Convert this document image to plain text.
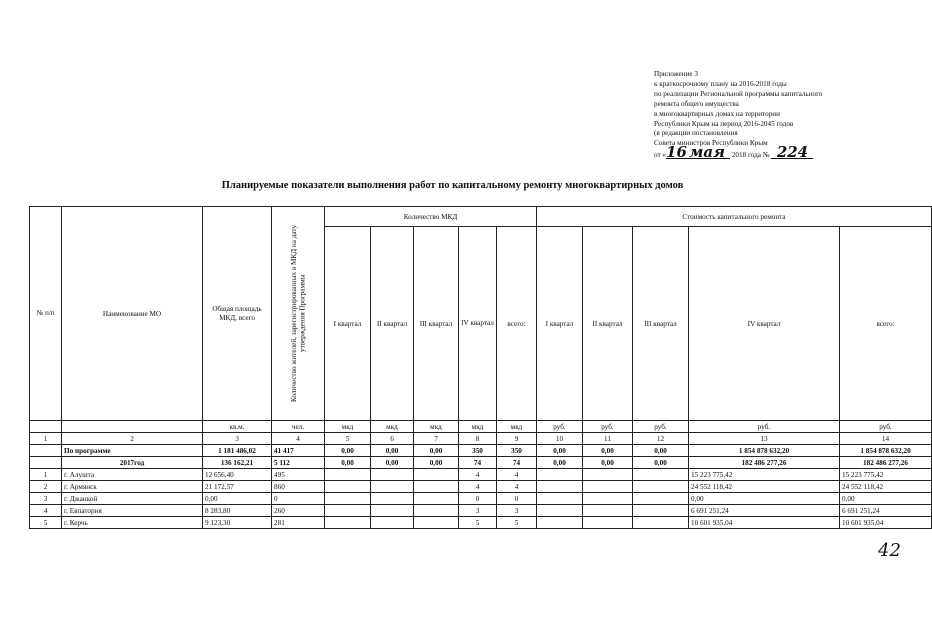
Приложение 3
к краткосрочному плану на 2016-2018 годы
по реализации Региональной программы капитального
ремонта общего имущества
в многоквартирных домах на территории
Республики Крым на период 2016-2045 годов
(в редакции постановления
Совета министров Республики Крым
от «16 мая 2018 года № 224
Планируемые показатели выполнения работ по капитальному ремонту многоквартирных домов
№ п/п	Наименование МО	Общая площадь МКД, всего	Количество жителей, зарегистрированных в МКД на дату утверждения Программы	Количество МКД					Стоимость капитального ремонта				
				I квартал	II квартал	III квартал	IV квартал	всего:	I квартал	II квартал	III квартал	IV квартал	всего:
		кв.м.	чел.	мкд	мкд	мкд	мкд	мкд	руб.	руб.	руб.	руб.	руб.
1	2	3	4	5	6	7	8	9	10	11	12	13	14
	По программе	1 181 486,02	41 417	0,00	0,00	0,00	350	350	0,00	0,00	0,00	1 854 878 632,20	1 854 878 632,20
	2017год	136 162,21	5 112	0,00	0,00	0,00	74	74	0,00	0,00	0,00	182 486 277,26	182 486 277,26
1	г. Алушта	12 656,40	495				4	4				15 223 775,42	15 223 775,42
2	г. Армянск	21 172,57	860				4	4				24 552 118,42	24 552 118,42
3	г. Джанкой	0,00	0				0	0				0,00	0,00
4	г. Евпатория	8 283,80	260				3	3				6 691 251,24	6 691 251,24
5	г. Керчь	9 123,30	281				5	5				10 601 935,04	10 601 935,04
42
